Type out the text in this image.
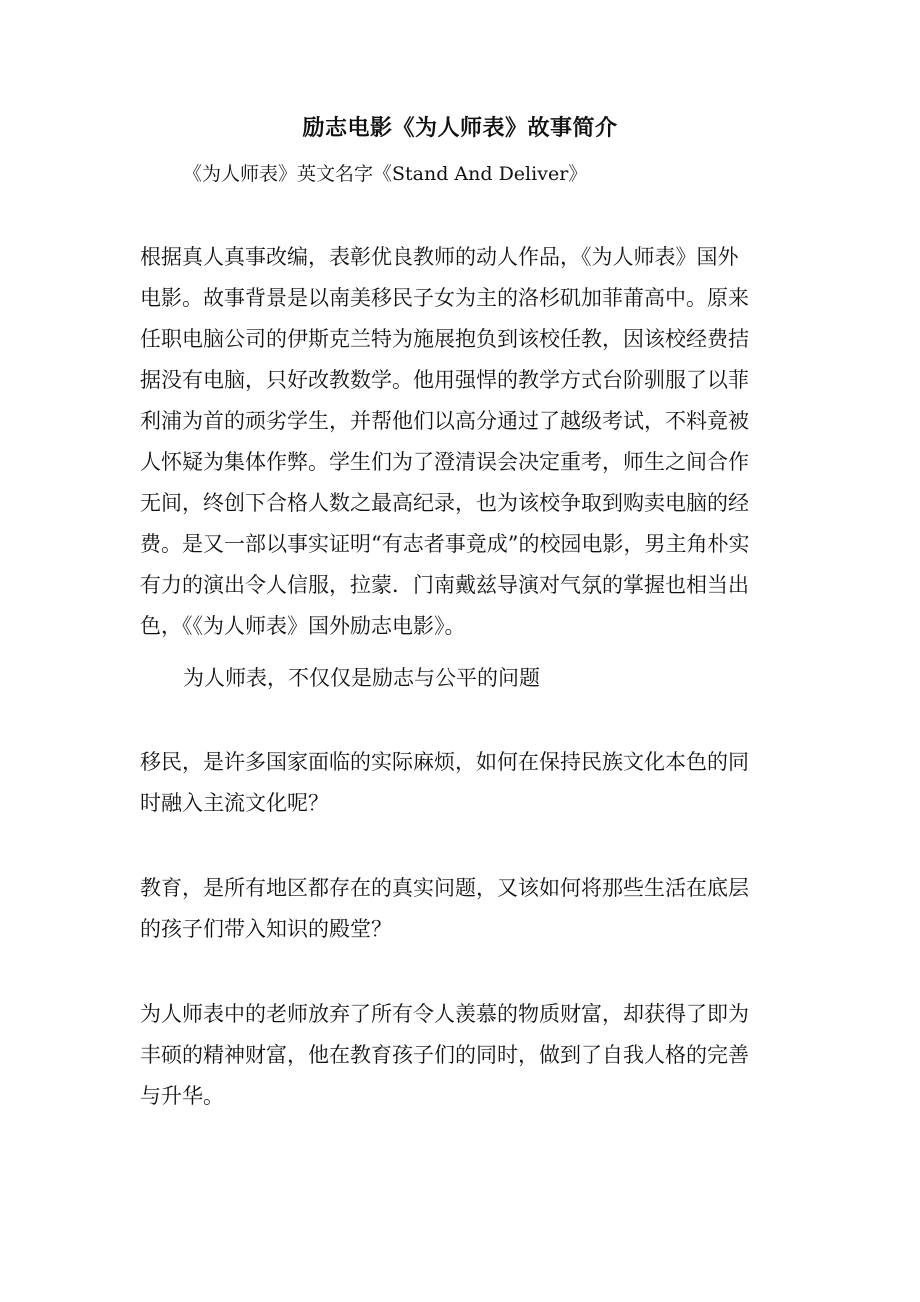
励志电影《为人师表》故事简介
《为人师表》英文名字《Stand And Deliver》
根据真人真事改编，表彰优良教师的动人作品，《为人师表》国外
电影。故事背景是以南美移民子女为主的洛杉矶加菲莆高中。原来
任职电脑公司的伊斯克兰特为施展抱负到该校任教，因该校经费拮
据没有电脑，只好改教数学。他用强悍的教学方式台阶驯服了以菲
利浦为首的顽劣学生，并帮他们以高分通过了越级考试，不料竟被
人怀疑为集体作弊。学生们为了澄清误会决定重考，师生之间合作
无间，终创下合格人数之最高纪录，也为该校争取到购卖电脑的经
费。是又一部以事实证明“有志者事竟成”的校园电影，男主角朴实
有力的演出令人信服，拉蒙．门南戴兹导演对气氛的掌握也相当出
色，《《为人师表》国外励志电影》。
为人师表，不仅仅是励志与公平的问题
移民，是许多国家面临的实际麻烦，如何在保持民族文化本色的同
时融入主流文化呢？
教育，是所有地区都存在的真实问题，又该如何将那些生活在底层
的孩子们带入知识的殿堂？
为人师表中的老师放弃了所有令人羡慕的物质财富，却获得了即为
丰硕的精神财富，他在教育孩子们的同时，做到了自我人格的完善
与升华。
